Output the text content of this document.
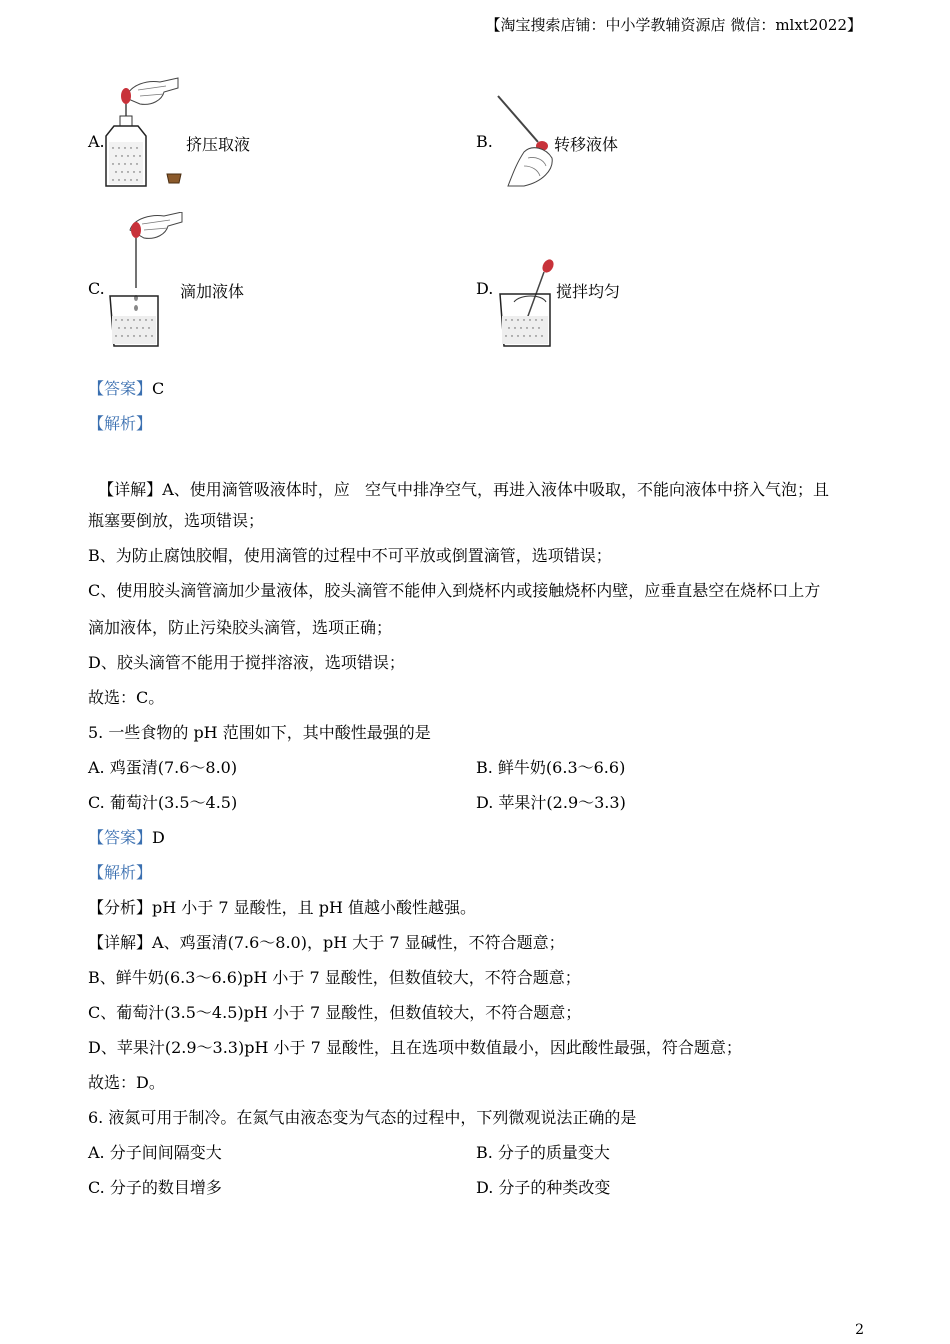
【淘宝搜索店铺：中小学教辅资源店 微信：mlxt2022】
A.	挤压取液	B.	转移液体
C.	滴加液体	D.	搅拌均匀
【答案】C
【解析】

【详解】A、使用滴管吸液体时，应   空气中排净空气，再进入液体中吸取，不能向液体中挤入气泡；且

瓶塞要倒放，选项错误；
B、为防止腐蚀胶帽，使用滴管的过程中不可平放或倒置滴管，选项错误；
C、使用胶头滴管滴加少量液体，胶头滴管不能伸入到烧杯内或接触烧杯内壁，应垂直悬空在烧杯口上方
滴加液体，防止污染胶头滴管，选项正确；
D、胶头滴管不能用于搅拌溶液，选项错误；
故选：C。
5. 一些食物的 pH 范围如下，其中酸性最强的是
A. 鸡蛋清(7.6～8.0)	B. 鲜牛奶(6.3～6.6)
C. 葡萄汁(3.5～4.5)	D. 苹果汁(2.9～3.3)
【答案】D
【解析】
【分析】pH 小于 7 显酸性，且 pH 值越小酸性越强。
【详解】A、鸡蛋清(7.6～8.0)，pH 大于 7 显碱性，不符合题意；
B、鲜牛奶(6.3～6.6)pH 小于 7 显酸性，但数值较大，不符合题意；
C、葡萄汁(3.5～4.5)pH 小于 7 显酸性，但数值较大，不符合题意；
D、苹果汁(2.9～3.3)pH 小于 7 显酸性，且在选项中数值最小，因此酸性最强，符合题意；
故选：D。
6. 液氮可用于制冷。在氮气由液态变为气态的过程中，下列微观说法正确的是
A. 分子间间隔变大	B. 分子的质量变大
C. 分子的数目增多	D. 分子的种类改变
2
